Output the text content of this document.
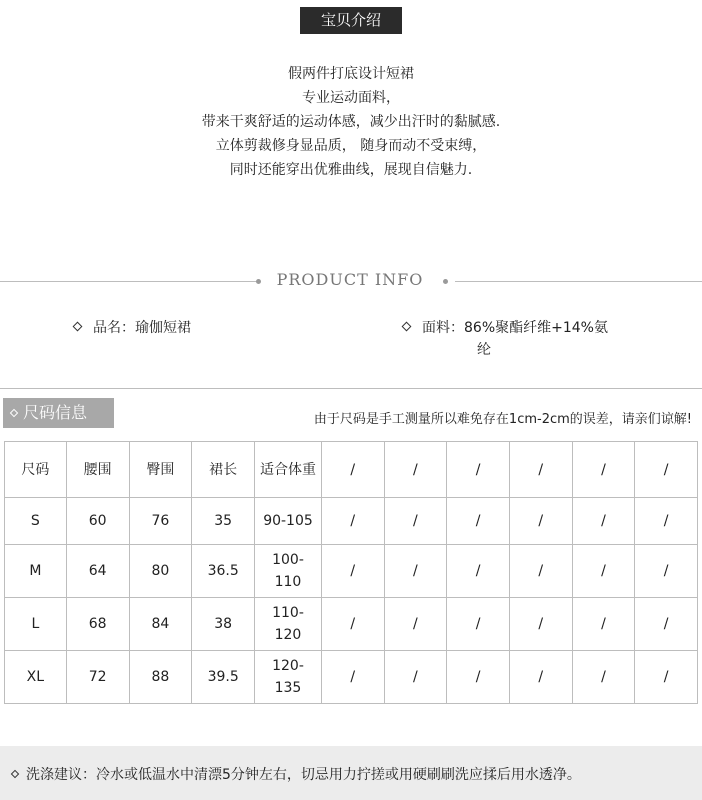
宝贝介绍
假两件打底设计短裙
专业运动面料，
带来干爽舒适的运动体感，减少出汗时的黏腻感.
立体剪裁修身显品质， 随身而动不受束缚，
同时还能穿出优雅曲线，展现自信魅力.
PRODUCT INFO
品名：瑜伽短裙	面料：86%聚酯纤维+14%氨
纶
尺码信息	由于尺码是手工测量所以难免存在1cm-2cm的误差，请亲们谅解!
尺码	腰围	臀围	裙长	适合体重	/	/	/	/	/	/
S	60	76	35	90-105	/	/	/	/	/	/
M	64	80	36.5	100-110	/	/	/	/	/	/
L	68	84	38	110-120	/	/	/	/	/	/
XL	72	88	39.5	120-135	/	/	/	/	/	/
洗涤建议：冷水或低温水中清漂5分钟左右，切忌用力拧搓或用硬刷刷洗应揉后用水透净。
